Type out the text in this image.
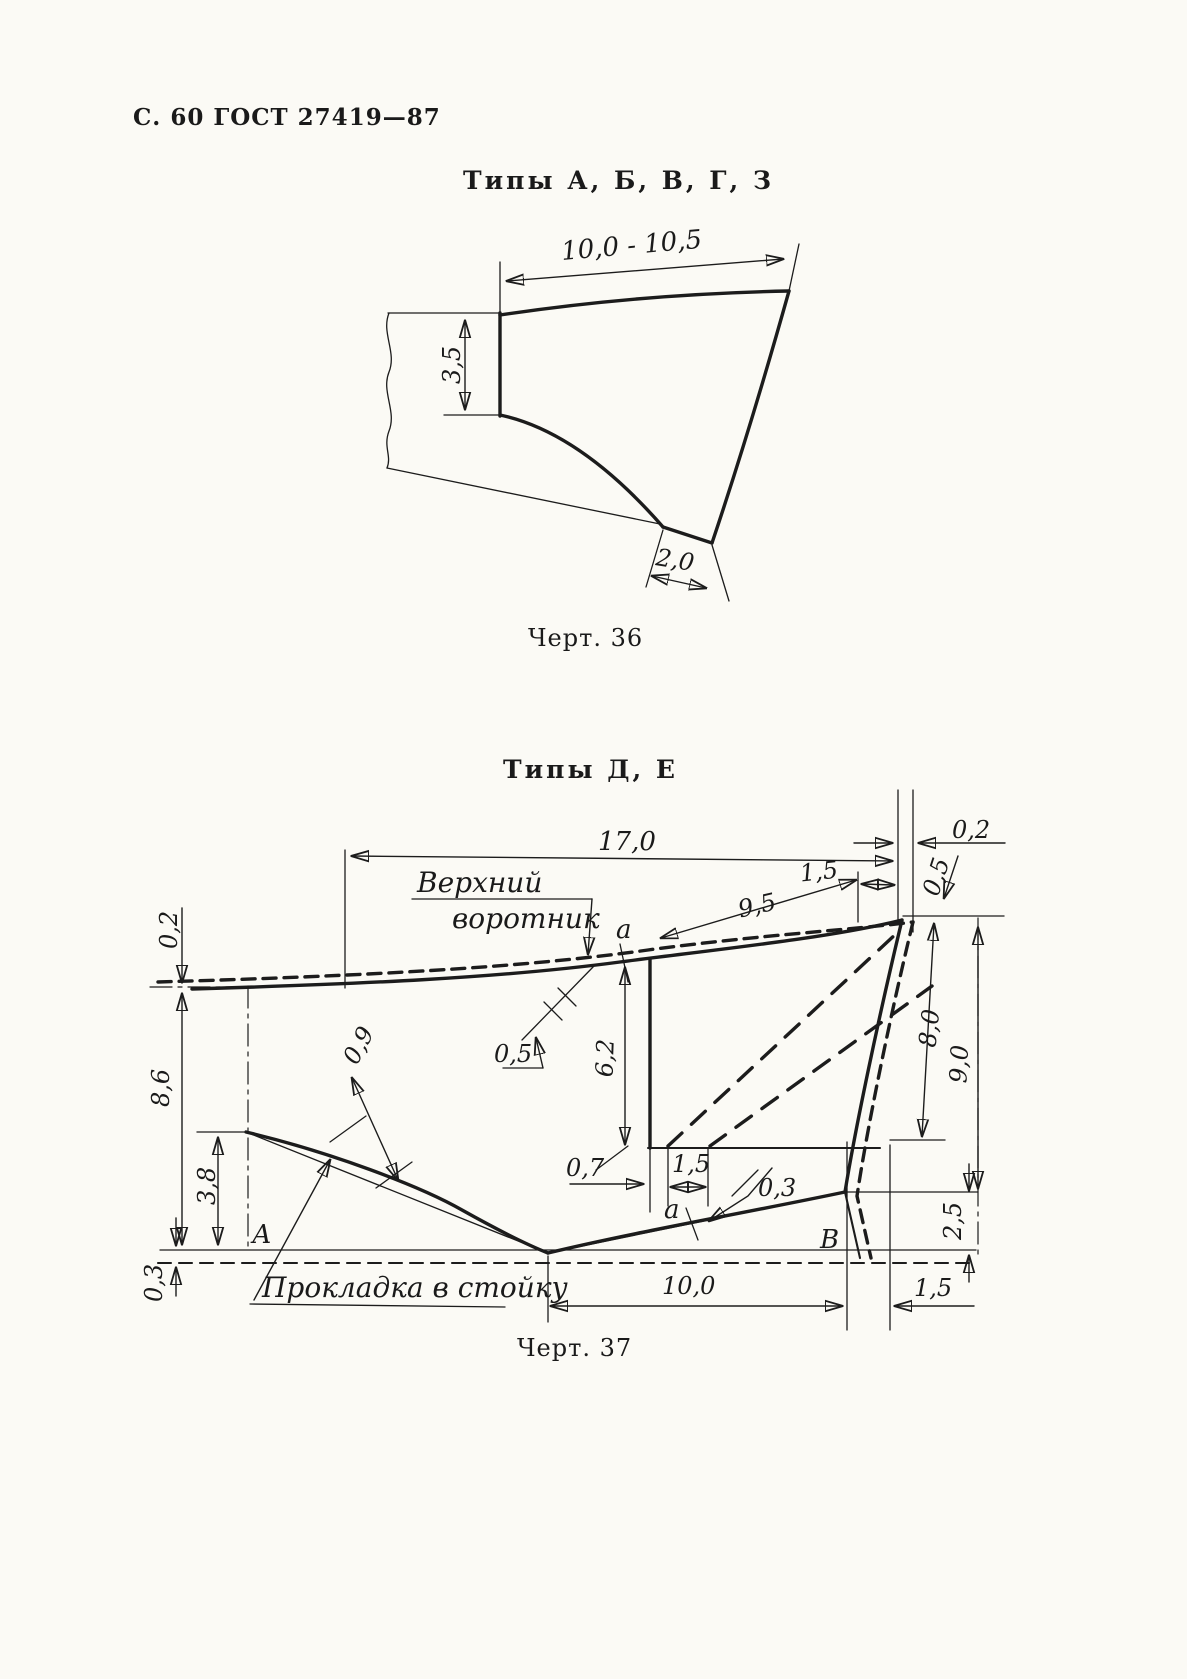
С. 60 ГОСТ 27419—87
Типы А, Б, В, Г, З
Черт. 36
Типы Д, Е
Черт. 37
10,0 - 10,5
3,5
2,0
17,0	0,2
1,5
9,5
0,5
8,0
9,0
2,5
0,2
8,6
3,8
0,3
0,9	0,5 6,2
0,7	1,5
0,3
10,0	1,5
а
а
А	В
Верхний
воротник
Прокладка в стойку
